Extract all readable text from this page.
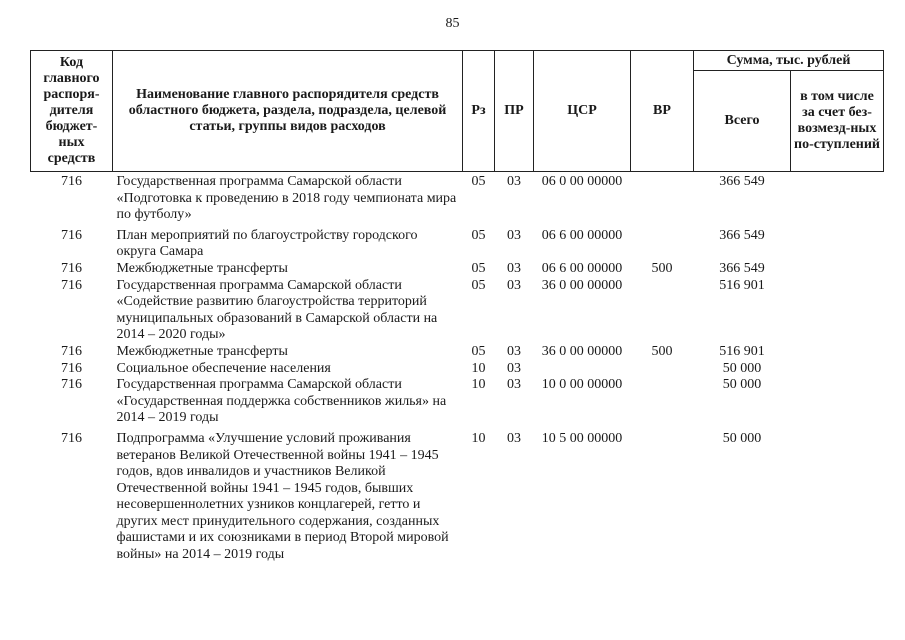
85
Код главного распоря-дителя бюджет-ных средств	Наименование главного распорядителя средств областного бюджета, раздела, подраздела, целевой статьи, группы видов расходов	Рз	ПР	ЦСР	ВР	Сумма, тыс. рублей	
						Всего	в том числе за счет без-возмезд-ных по-ступлений
716	Государственная программа Самарской области «Подготовка к проведению в 2018 году чемпионата мира по футболу»	05	03	06 0 00 00000		366 549	
716	План мероприятий по благоустройству городского округа Самара	05	03	06 6 00 00000		366 549	
716	Межбюджетные трансферты	05	03	06 6 00 00000	500	366 549	
716	Государственная программа Самарской области «Содействие развитию благоустройства территорий муниципальных образований в Самарской области на 2014 – 2020 годы»	05	03	36 0 00 00000		516 901	
716	Межбюджетные трансферты	05	03	36 0 00 00000	500	516 901	
716	Социальное обеспечение населения	10	03			50 000	
716	Государственная программа Самарской области «Государственная поддержка собственников жилья» на 2014 – 2019 годы	10	03	10 0 00 00000		50 000	
716	Подпрограмма «Улучшение условий проживания ветеранов Великой Отечественной войны 1941 – 1945 годов, вдов инвалидов и участников Великой Отечественной войны 1941 – 1945 годов, бывших несовершеннолетних узников концлагерей, гетто и других мест принудительного содержания, созданных фашистами и их союзниками в период Второй мировой войны» на 2014 – 2019 годы	10	03	10 5 00 00000		50 000	
